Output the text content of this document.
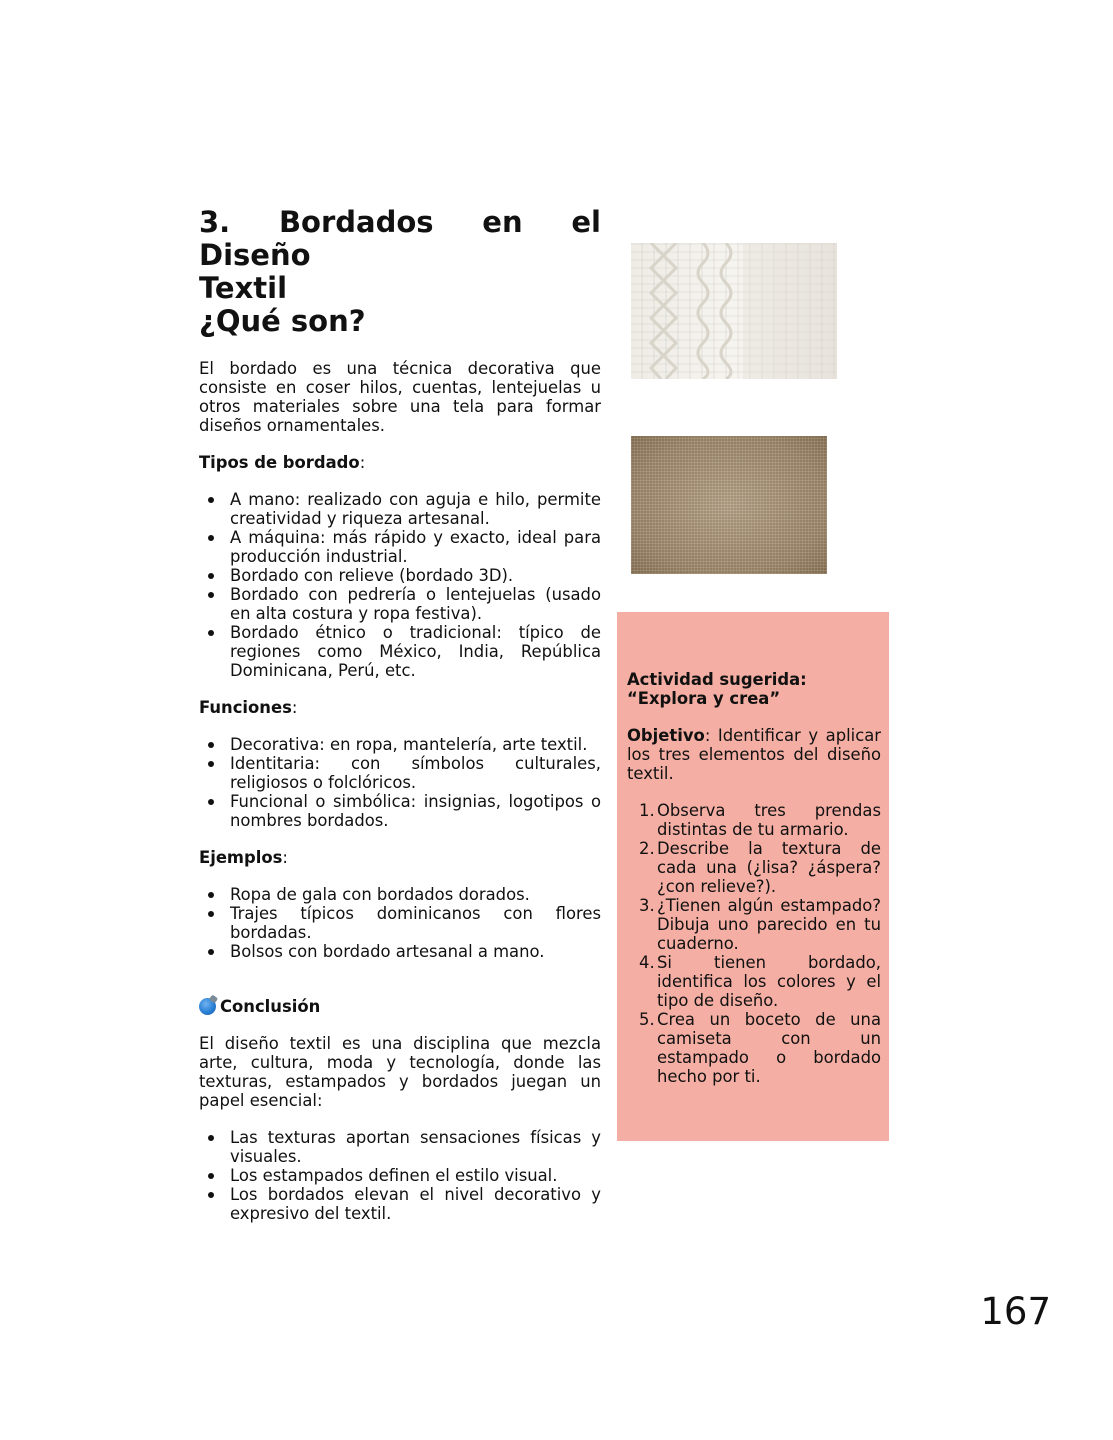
3. Bordados en el Diseño
Textil
¿Qué son?

El bordado es una técnica decorativa que consiste en coser hilos, cuentas, lentejuelas u otros materiales sobre una tela para formar diseños ornamentales.

Tipos de bordado:

A mano: realizado con aguja e hilo, permite creatividad y riqueza artesanal.
A máquina: más rápido y exacto, ideal para producción industrial.
Bordado con relieve (bordado 3D).
Bordado con pedrería o lentejuelas (usado en alta costura y ropa festiva).
Bordado étnico o tradicional: típico de regiones como México, India, República Dominicana, Perú, etc.

Funciones:

Decorativa: en ropa, mantelería, arte textil.
Identitaria: con símbolos culturales, religiosos o folclóricos.
Funcional o simbólica: insignias, logotipos o nombres bordados.

Ejemplos:

Ropa de gala con bordados dorados.
Trajes típicos dominicanos con flores bordadas.
Bolsos con bordado artesanal a mano.

Conclusión

El diseño textil es una disciplina que mezcla arte, cultura, moda y tecnología, donde las texturas, estampados y bordados juegan un papel esencial:

Las texturas aportan sensaciones físicas y visuales.
Los estampados definen el estilo visual.
Los bordados elevan el nivel decorativo y expresivo del textil.
Actividad sugerida: “Explora y crea”

Objetivo: Identificar y aplicar los tres elementos del diseño textil.

Observa tres prendas distintas de tu armario.
Describe la textura de cada una (¿lisa? ¿áspera? ¿con relieve?).
¿Tienen algún estampado? Dibuja uno parecido en tu cuaderno.
Si tienen bordado, identifica los colores y el tipo de diseño.
Crea un boceto de una camiseta con un estampado o bordado hecho por ti.
167
